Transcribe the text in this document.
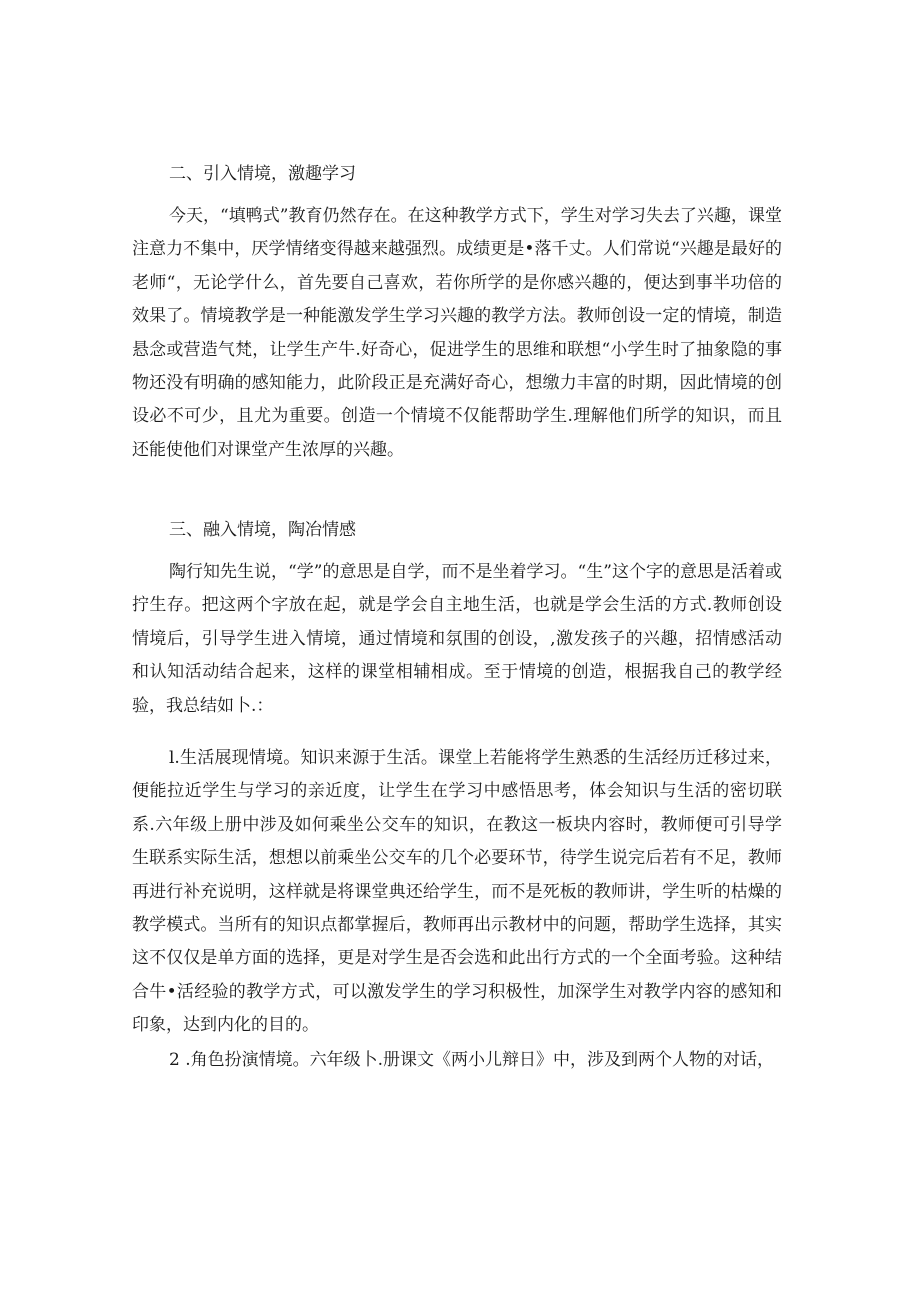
二、引入情境，激趣学习

今天，“填鸭式”教育仍然存在。在这种教学方式下，学生对学习失去了兴趣，课堂注意力不集中，厌学情绪变得越来越强烈。成绩更是•落千丈。人们常说“兴趣是最好的老师“，无论学什么，首先要自己喜欢，若你所学的是你感兴趣的，便达到事半功倍的效果了。情境教学是一种能激发学生学习兴趣的教学方法。教师创设一定的情境，制造悬念或营造气梵，让学生产牛.好奇心，促进学生的思维和联想“小学生时了抽象隐的事物还没有明确的感知能力，此阶段正是充满好奇心，想缴力丰富的时期，因此情境的创设必不可少，且尤为重要。创造一个情境不仅能帮助学生.理解他们所学的知识，而且还能使他们对课堂产生浓厚的兴趣。

三、融入情境，陶冶情感

陶行知先生说，“学”的意思是自学，而不是坐着学习。“生”这个字的意思是活着或拧生存。把这两个字放在起，就是学会自主地生活，也就是学会生活的方式.教师创设情境后，引导学生进入情境，通过情境和氛围的创设，,激发孩子的兴趣，招情感活动和认知活动结合起来，这样的课堂相辅相成。至于情境的创造，根据我自己的教学经验，我总结如卜.：

l.生活展现情境。知识来源于生活。课堂上若能将学生熟悉的生活经历迁移过来，便能拉近学生与学习的亲近度，让学生在学习中感悟思考，体会知识与生活的密切联系.六年级上册中涉及如何乘坐公交车的知识，在教这一板块内容时，教师便可引导学生联系实际生活，想想以前乘坐公交车的几个必要环节，待学生说完后若有不足，教师再进行补充说明，这样就是将课堂典还给学生，而不是死板的教师讲，学生听的枯燥的教学模式。当所有的知识点都掌握后，教师再出示教材中的问题，帮助学生选择，其实这不仅仅是单方面的选择，更是对学生是否会选和此出行方式的一个全面考验。这种结合牛•活经验的教学方式，可以激发学生的学习积极性，加深学生对教学内容的感知和印象，达到内化的目的。

2 .角色扮演情境。六年级卜.册课文《两小儿辩日》中，涉及到两个人物的对话，
